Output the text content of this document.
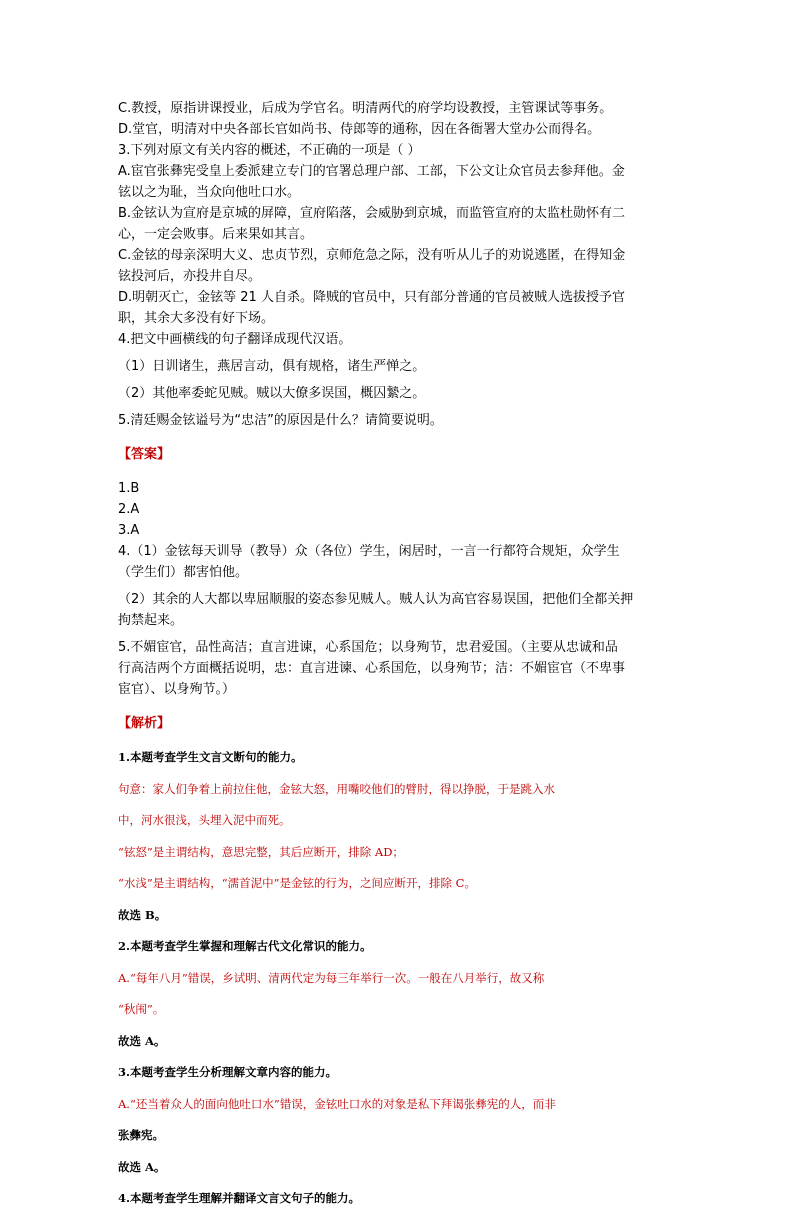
C.教授，原指讲课授业，后成为学官名。明清两代的府学均设教授，主管课试等事务。

D.堂官，明清对中央各部长官如尚书、侍郎等的通称，因在各衙署大堂办公而得名。

3.下列对原文有关内容的概述，不正确的一项是（ ）

A.宦官张彝宪受皇上委派建立专门的官署总理户部、工部，下公文让众官员去参拜他。金

铉以之为耻，当众向他吐口水。

B.金铉认为宣府是京城的屏障，宣府陷落，会威胁到京城，而监管宣府的太监杜勋怀有二

心，一定会败事。后来果如其言。

C.金铉的母亲深明大义、忠贞节烈，京师危急之际，没有听从儿子的劝说逃匿，在得知金

铉投河后，亦投井自尽。

D.明朝灭亡，金铉等 21 人自杀。降贼的官员中，只有部分普通的官员被贼人选拔授予官

职，其余大多没有好下场。

4.把文中画横线的句子翻译成现代汉语。

（1）日训诸生，燕居言动，俱有规格，诸生严惮之。

（2）其他率委蛇见贼。贼以大僚多误国，概囚縶之。

5.清廷赐金铉谥号为“忠洁”的原因是什么？请简要说明。

【答案】

1.B

2.A

3.A

4.（1）金铉每天训导（教导）众（各位）学生，闲居时，一言一行都符合规矩，众学生

（学生们）都害怕他。

（2）其余的人大都以卑屈顺服的姿态参见贼人。贼人认为高官容易误国，把他们全都关押

拘禁起来。

5.不媚宦官，品性高洁；直言进谏，心系国危；以身殉节，忠君爱国。（主要从忠诚和品

行高洁两个方面概括说明，忠：直言进谏、心系国危，以身殉节；洁：不媚宦官（不卑事

宦官）、以身殉节。）

【解析】

1.本题考查学生文言文断句的能力。

句意：家人们争着上前拉住他，金铉大怒，用嘴咬他们的臂肘，得以挣脱，于是跳入水

中，河水很浅，头埋入泥中而死。

“铉怒”是主谓结构，意思完整，其后应断开，排除 AD；

“水浅”是主谓结构，“濡首泥中”是金铉的行为，之间应断开，排除 C。

故选 B。

2.本题考查学生掌握和理解古代文化常识的能力。

A.“每年八月”错误，乡试明、清两代定为每三年举行一次。一般在八月举行，故又称

“秋闱”。

故选 A。

3.本题考查学生分析理解文章内容的能力。

A.“还当着众人的面向他吐口水”错误，金铉吐口水的对象是私下拜谒张彝宪的人，而非

张彝宪。

故选 A。

4.本题考查学生理解并翻译文言文句子的能力。
